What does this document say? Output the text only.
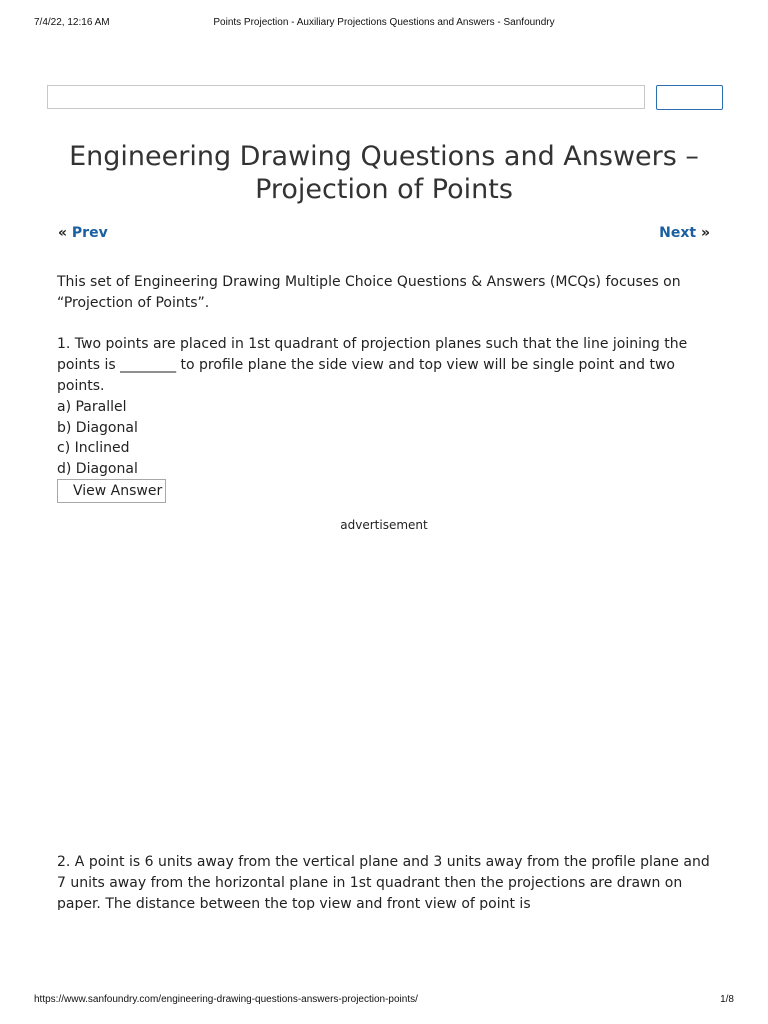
7/4/22, 12:16 AM	Points Projection - Auxiliary Projections Questions and Answers - Sanfoundry
Engineering Drawing Questions and Answers – Projection of Points
« Prev	Next »

This set of Engineering Drawing Multiple Choice Questions & Answers (MCQs) focuses on “Projection of Points”.

1. Two points are placed in 1st quadrant of projection planes such that the line joining the points is ________ to profile plane the side view and top view will be single point and two points.

a) Parallel
b) Diagonal
c) Inclined
d) Diagonal
View Answer
advertisement

2. A point is 6 units away from the vertical plane and 3 units away from the profile plane and 7 units away from the horizontal plane in 1st quadrant then the projections are drawn on paper. The distance between the top view and front view of point is

https://www.sanfoundry.com/engineering-drawing-questions-answers-projection-points/	1/8
